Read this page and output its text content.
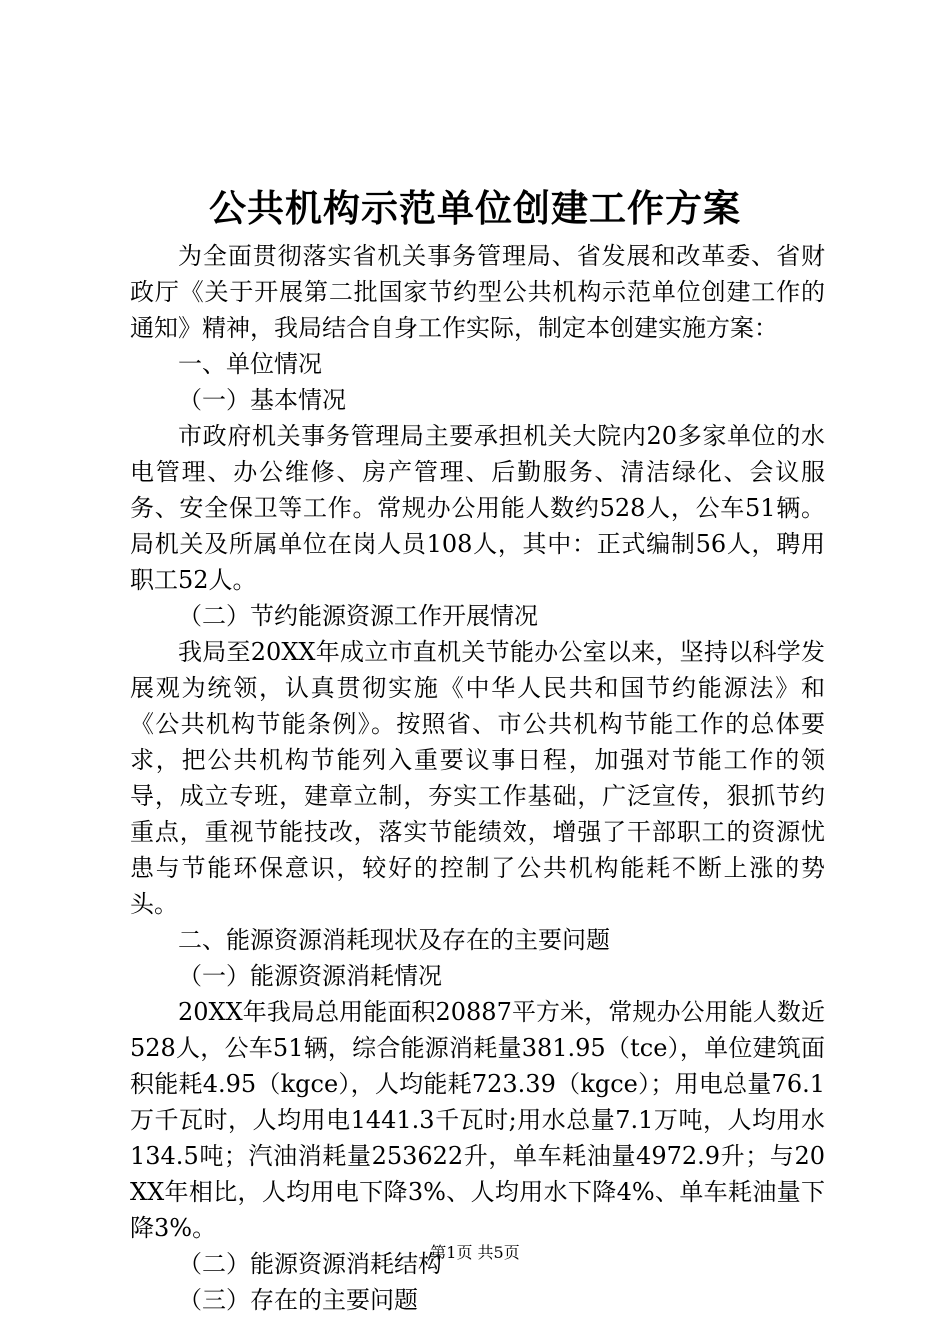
公共机构示范单位创建工作方案

为全面贯彻落实省机关事务管理局、省发展和改革委、省财政厅《关于开展第二批国家节约型公共机构示范单位创建工作的通知》精神，我局结合自身工作实际，制定本创建实施方案：

一、单位情况

（一）基本情况

市政府机关事务管理局主要承担机关大院内20多家单位的水电管理、办公维修、房产管理、后勤服务、清洁绿化、会议服务、安全保卫等工作。常规办公用能人数约528人，公车51辆。局机关及所属单位在岗人员108人，其中：正式编制56人，聘用职工52人。

（二）节约能源资源工作开展情况

我局至20XX年成立市直机关节能办公室以来，坚持以科学发展观为统领，认真贯彻实施《中华人民共和国节约能源法》和《公共机构节能条例》。按照省、市公共机构节能工作的总体要求，把公共机构节能列入重要议事日程，加强对节能工作的领导，成立专班，建章立制，夯实工作基础，广泛宣传，狠抓节约重点，重视节能技改，落实节能绩效，增强了干部职工的资源忧患与节能环保意识，较好的控制了公共机构能耗不断上涨的势头。

二、能源资源消耗现状及存在的主要问题

（一）能源资源消耗情况

20XX年我局总用能面积20887平方米，常规办公用能人数近528人，公车51辆，综合能源消耗量381.95（tce），单位建筑面积能耗4.95（kgce），人均能耗723.39（kgce）；用电总量76.1万千瓦时，人均用电1441.3千瓦时;用水总量7.1万吨，人均用水134.5吨；汽油消耗量253622升，单车耗油量4972.9升；与20XX年相比，人均用电下降3%、人均用水下降4%、单车耗油量下降3%。

（二）能源资源消耗结构

（三）存在的主要问题

第1页 共5页
